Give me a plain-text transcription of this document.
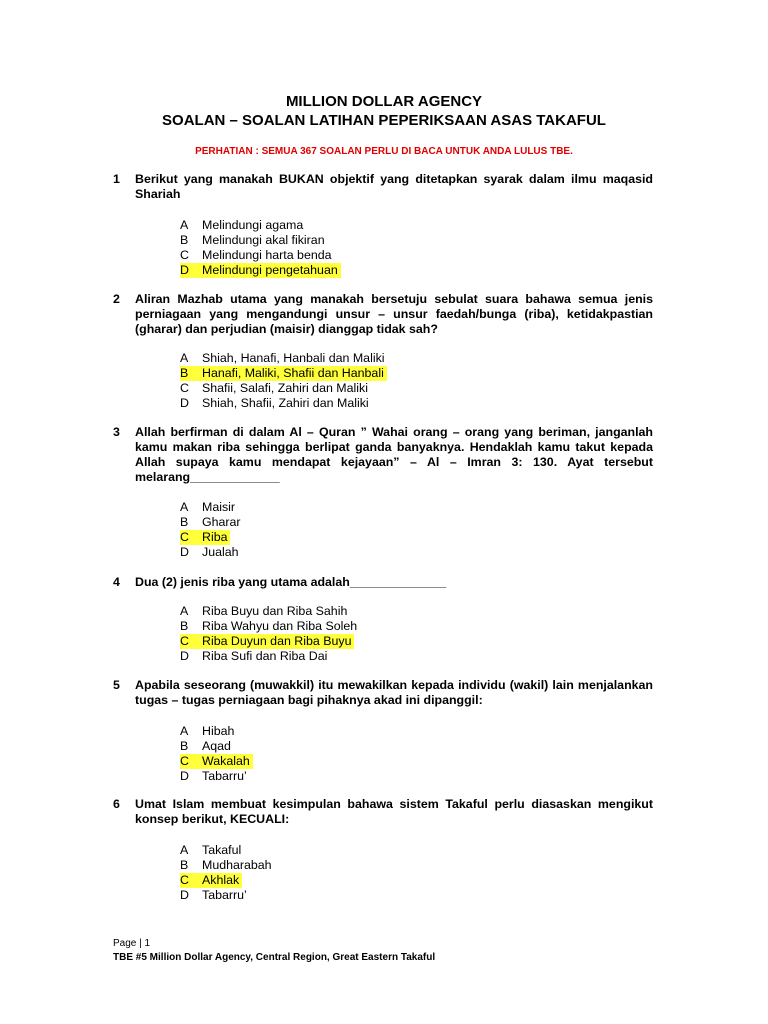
MILLION DOLLAR AGENCY
SOALAN – SOALAN LATIHAN PEPERIKSAAN ASAS TAKAFUL
PERHATIAN : SEMUA 367 SOALAN PERLU DI BACA UNTUK ANDA LULUS TBE.
1 Berikut yang manakah BUKAN objektif yang ditetapkan syarak dalam ilmu maqasid Shariah
A Melindungi agama
B Melindungi akal fikiran
C Melindungi harta benda
D Melindungi pengetahuan
2 Aliran Mazhab utama yang manakah bersetuju sebulat suara bahawa semua jenis perniagaan yang mengandungi unsur – unsur faedah/bunga (riba), ketidakpastian (gharar) dan perjudian (maisir) dianggap tidak sah?
A Shiah, Hanafi, Hanbali dan Maliki
B Hanafi, Maliki, Shafii dan Hanbali
C Shafii, Salafi, Zahiri dan Maliki
D Shiah, Shafii, Zahiri dan Maliki
3 Allah berfirman di dalam Al – Quran ” Wahai orang – orang yang beriman, janganlah kamu makan riba sehingga berlipat ganda banyaknya. Hendaklah kamu takut kepada Allah supaya kamu mendapat kejayaan” – Al – Imran 3: 130. Ayat tersebut melarang_____________
A Maisir
B Gharar
C Riba
D Jualah
4 Dua (2) jenis riba yang utama adalah______________
A Riba Buyu dan Riba Sahih
B Riba Wahyu dan Riba Soleh
C Riba Duyun dan Riba Buyu
D Riba Sufi dan Riba Dai
5 Apabila seseorang (muwakkil) itu mewakilkan kepada individu (wakil) lain menjalankan tugas – tugas perniagaan bagi pihaknya akad ini dipanggil:
A Hibah
B Aqad
C Wakalah
D Tabarru’
6 Umat Islam membuat kesimpulan bahawa sistem Takaful perlu diasaskan mengikut konsep berikut, KECUALI:
A Takaful
B Mudharabah
C Akhlak
D Tabarru’
Page | 1
TBE #5 Million Dollar Agency, Central Region, Great Eastern Takaful
